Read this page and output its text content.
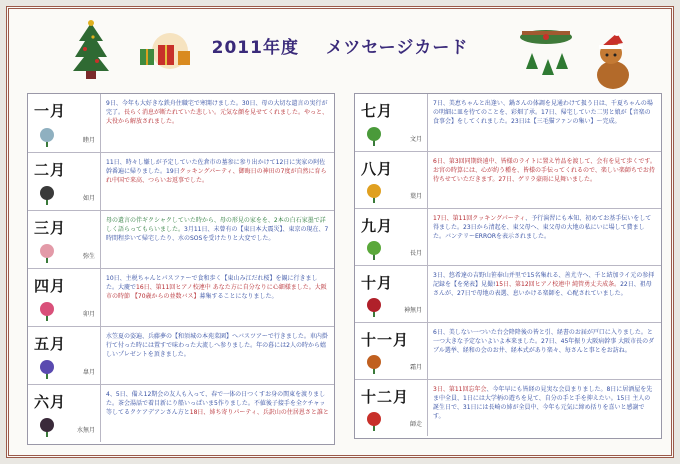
2011年度 メツセージカード
一月
睦月
9日、今年も大好きな鉄舟住職宅で寒開けました。30日、母の大切な遺言の実行が完了。長らく消息が断たれていた悲しい。元気な顔を見せてくれました。やっと、大役から解放されました。
二月
如月
11日、時々し嫌しが予定していた佐倉市の墓参に参り出かけて12日に実家の阿佐幹番遍に帰りました。19日クッキングパーティ、御晦日の神田の7度が自然に育られ中国で来高、つらいお返事でした。
三月
弥生
母の遺言の伴ギクシャクしていた時から、母の形見の家をを、2本の白石家墨で詳しく語らってもらいました。3月11日、未曾有の【東日本大震災】、東京の現在、7時間程歩いて帰宅したり、水のSOSを受けたりと大変でした。
四月
卯月
10日、主税ちゃんとパスファーで食和歩く【東山み江だれ桜】を観に行きました。大慶で16日、第11回ヒアノ校連中 あなた方に自分なりに心細様ました。大阪市の時節 【70歳からの並数バス】募集することになりました。
五月
皐月
水笠夏の姿遍、兵藤夢の【和須城の本苑菜園】へバスツアーで行きました。車内掛行て付った時には置すで味わった大流しへ参りました。年の暮には2人の時から嬉しいプレゼントを頂きました。
六月
水無月
4、5日、備え12期会の友人も入って、春で一体の日つくすお身の関東を渡りました。茶会湯話で着目新にり船いっぱいま5作りました。不値後子接手を全ケチャッ等してるクケアデアンさん方と18日、姉ち寄りパーティ、兵訳山の住居恩さと誰と
七月
文月
7日、美恵ちゃんと出逢い、鍋さんの体調を見通わけて扱う日は、千夏ちゃんの場の明細に皿を待てのことを、彩畑了承。17日、帰宅していた二男と娘が【音楽の食事会】をしてくれました。23日は【三毛猫ファンの集い】〜完成。
八月
葉月
6日、第3回同期終遠中、皆様のライトに置え竹品を渡して、会有を見て歩くです。お宮の時算には、心が約う種を、皆様の手伝ってくれるので、楽しい楽師ちでお持待ちせていただきます。27日、ゲリラ豪雨に見舞いました。
九月
長月
17日、第11回クッキングパーティ、予行演習にも本知、初めてお基手伝いをして得ました。23日から清起を、東父母へ、東父母の大地の私にいに場して費ました。バンテリーERRORを表示されました。
十月
神無月
3日、悠希達の吉野山笹奉山并里で15名集れる、善尤寺へ、千と結加ライ元の参拝記録を【を発表】見撮!15日、第12回ヒアノ校連中 純管勇丈夫成条。22日、祖母さんが、27日で母地の表選、息いかける楽師を、心配されていました。
十一月
霜月
6日、美しない一ついた台会降降後の皆と引、経書のお届が戸口に入りました。と一つ大きな予定ないよいよ本来ました。27日、45年振り大阪病幹事 大阪市長のダブル選挙、経和の会のお井、経本式があり楽々、毎さんと事とをお訪ね。
十二月
師走
3日、第11回忘年会、今年早にも皆経の見実な会員まりました。8日に居酒屋を先ま中全員、1日には大学柄の遊ちを見て、自分の手と手を抑えたい。15日 主人の誕生日で、31日には長崎の姉が全員中、今年も元気に締め括りを喜いと感謝です。
